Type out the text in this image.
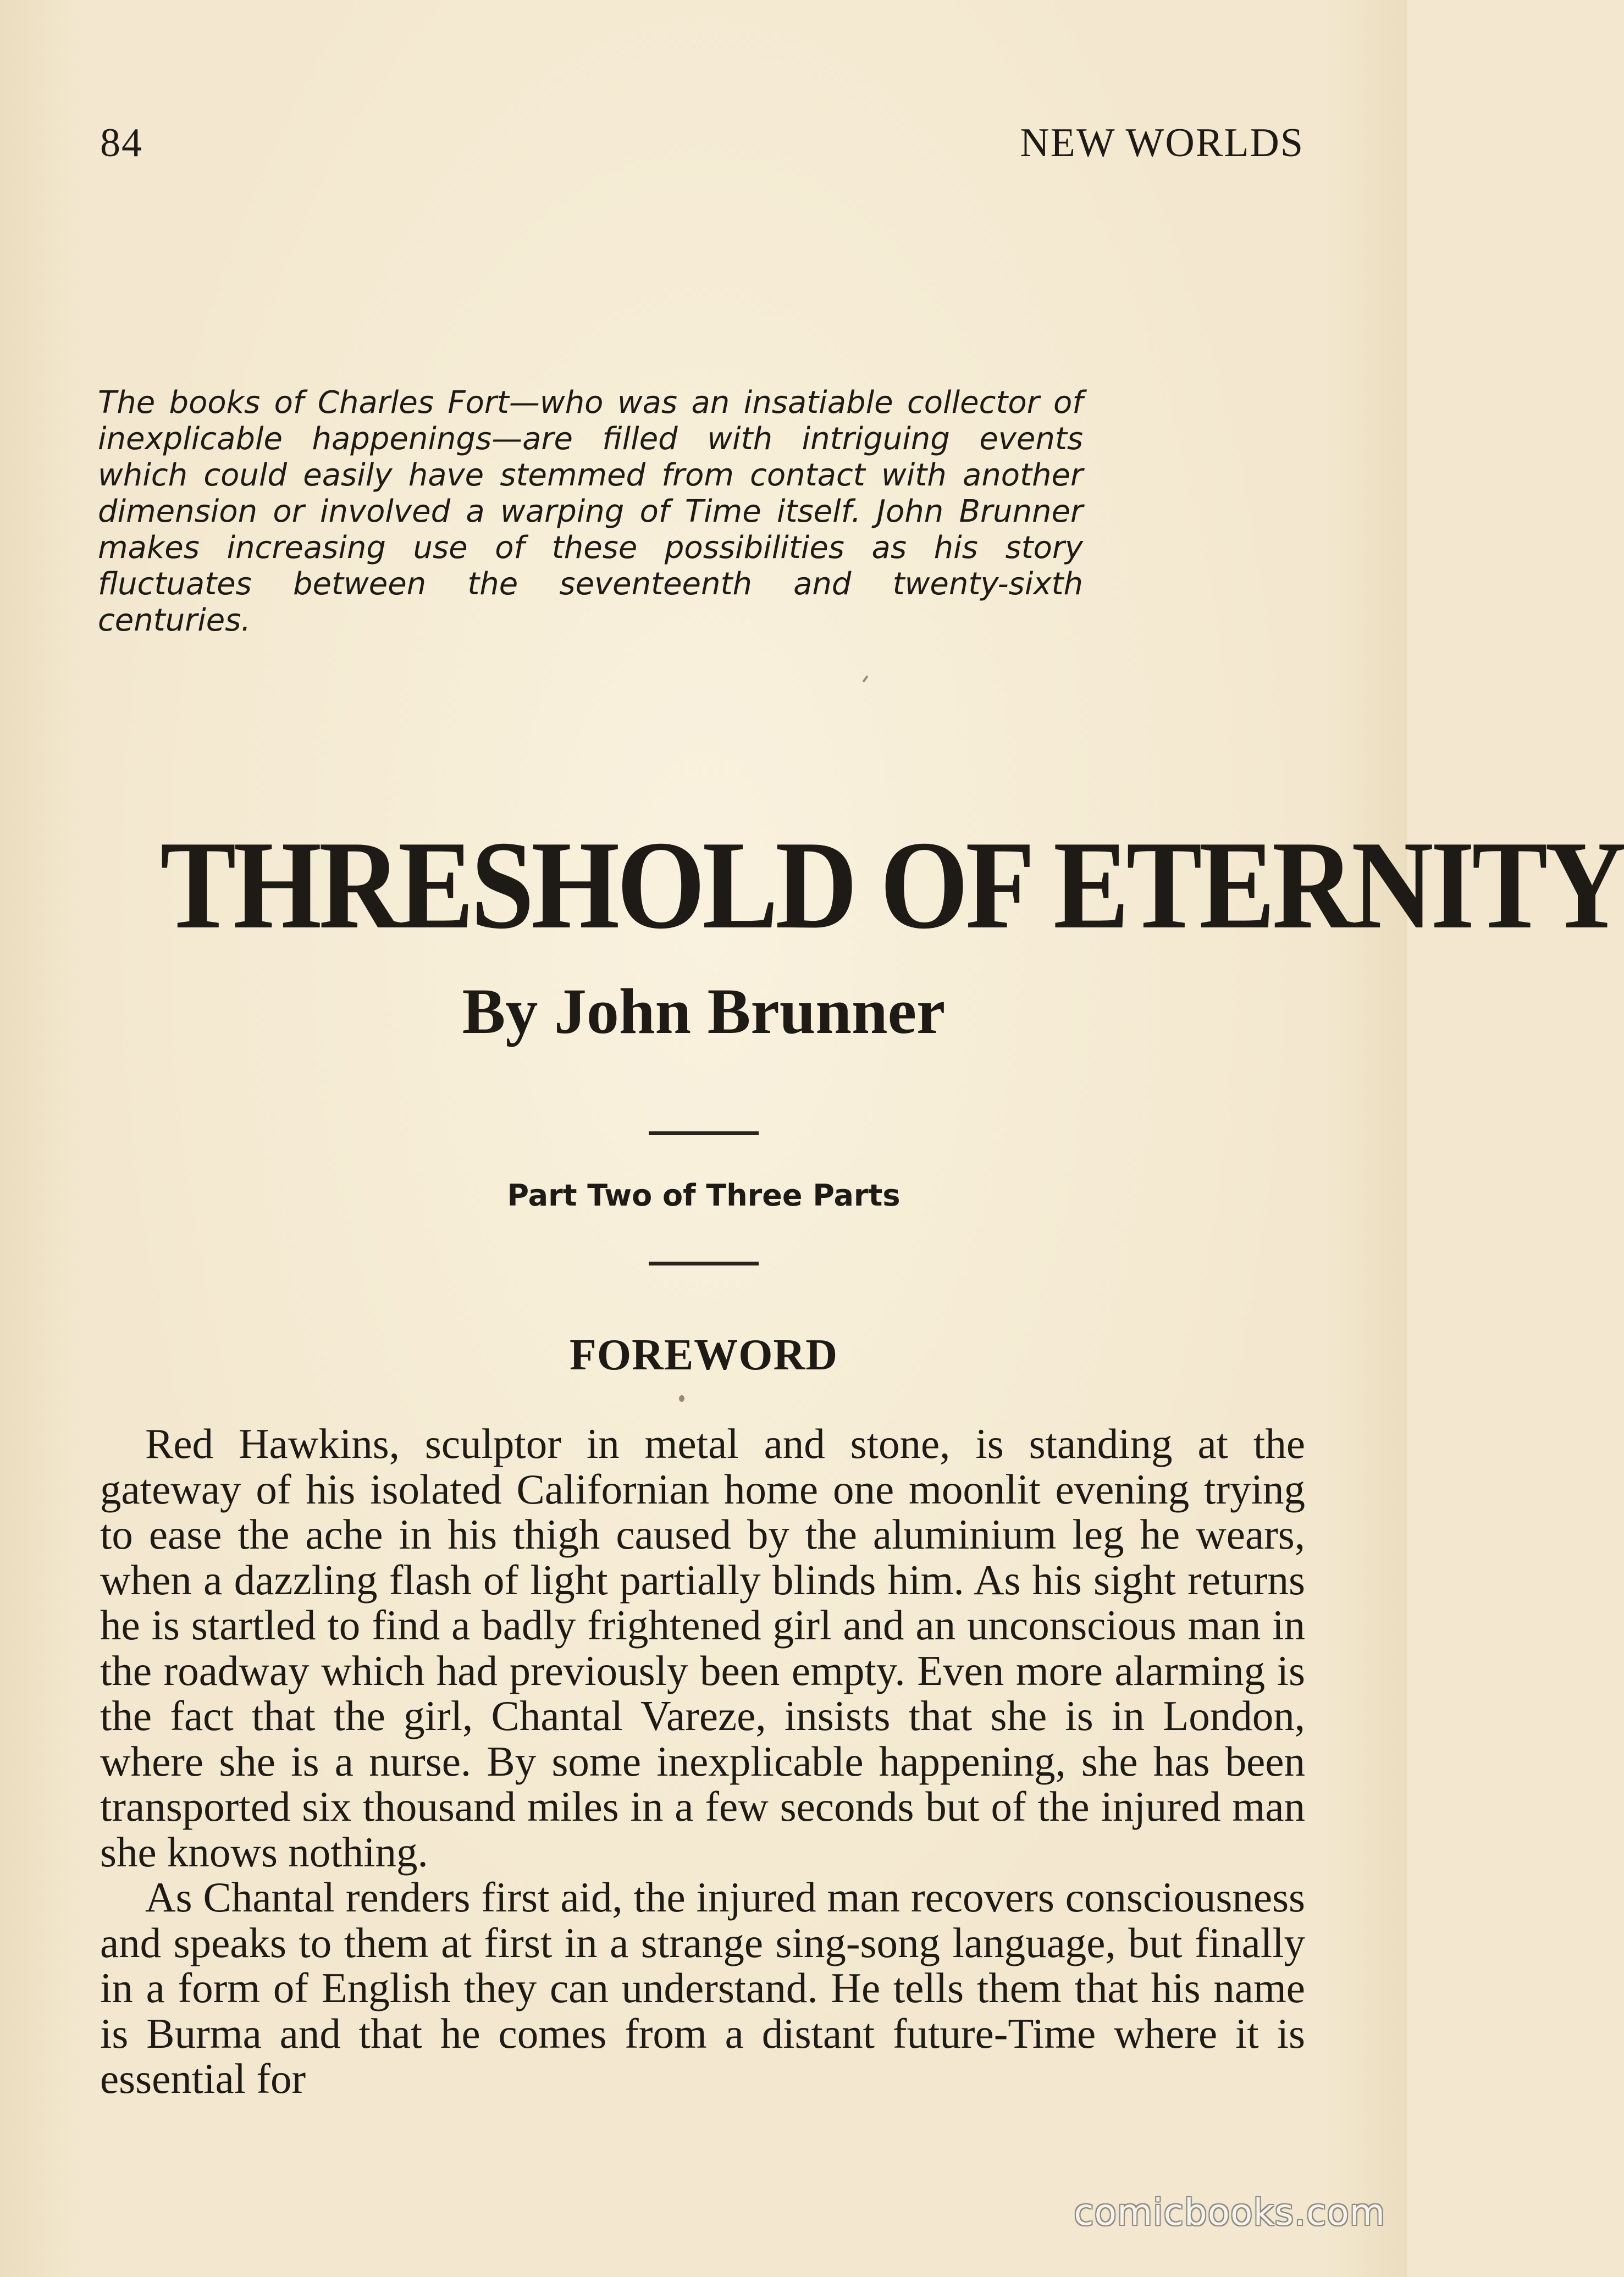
84	NEW WORLDS

The books of Charles Fort—who was an insatiable collector of inexplicable happenings—are filled with intriguing events which could easily have stemmed from contact with another dimension or involved a warping of Time itself. John Brunner makes increasing use of these possibilities as his story fluctuates between the seventeenth and twenty-sixth centuries.

THRESHOLD OF ETERNITY
By John Brunner

Part Two of Three Parts

FOREWORD

Red Hawkins, sculptor in metal and stone, is standing at the gateway of his isolated Californian home one moonlit evening trying to ease the ache in his thigh caused by the aluminium leg he wears, when a dazzling flash of light partially blinds him. As his sight returns he is startled to find a badly frightened girl and an unconscious man in the roadway which had previously been empty. Even more alarming is the fact that the girl, Chantal Vareze, insists that she is in London, where she is a nurse. By some inexplicable happening, she has been transported six thousand miles in a few seconds but of the injured man she knows nothing.

As Chantal renders first aid, the injured man recovers consciousness and speaks to them at first in a strange sing-song language, but finally in a form of English they can understand. He tells them that his name is Burma and that he comes from a distant future-Time where it is essential for

comicbooks.com
